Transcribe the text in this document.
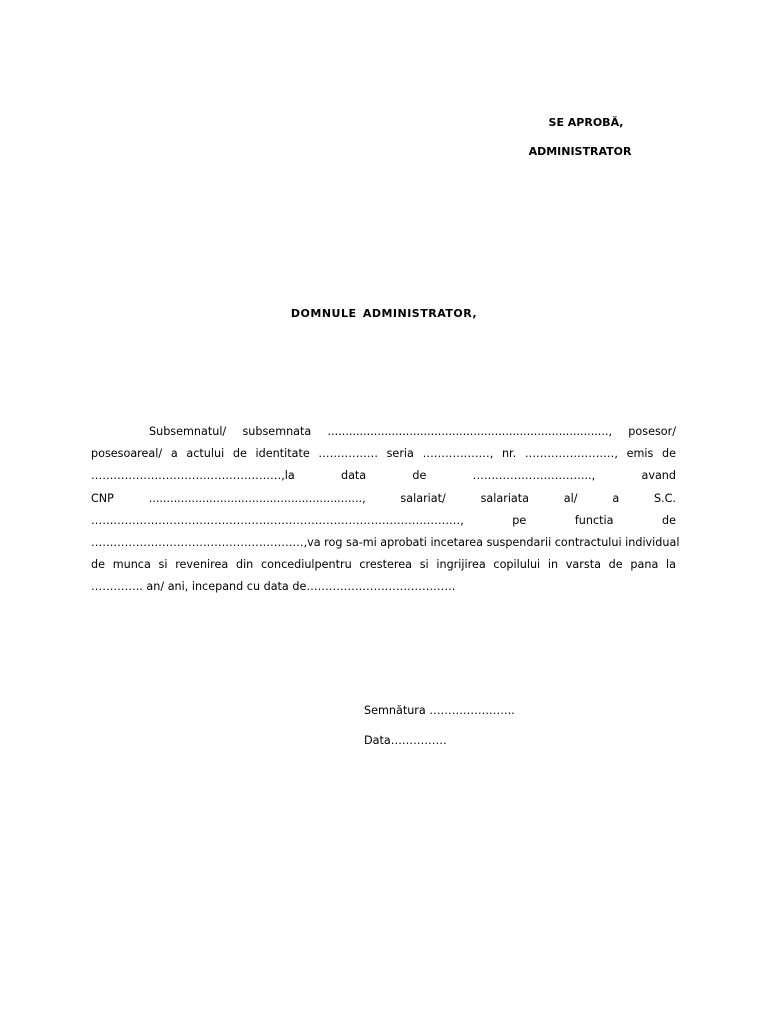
SE APROBĂ,
ADMINISTRATOR
DOMNULE ADMINISTRATOR,
Subsemnatul/ subsemnata ..............................................................................., posesor/
posesoareal/ a actului de identitate ……………. seria ………………, nr. ……………………, emis de
……………………………………………,la data de ………………………….., avand
CNP ............................................................, salariat/ salariata al/ a S.C.
………………………………………………………………………………………, pe functia de
…………………………………………………,va rog sa-mi aprobati incetarea suspendarii contractului individual
de munca si revenirea din concediulpentru cresterea si ingrijirea copilului in varsta de pana la
………….. an/ ani, incepand cu data de………………………………….
Semnătura …………………..
Data……………
